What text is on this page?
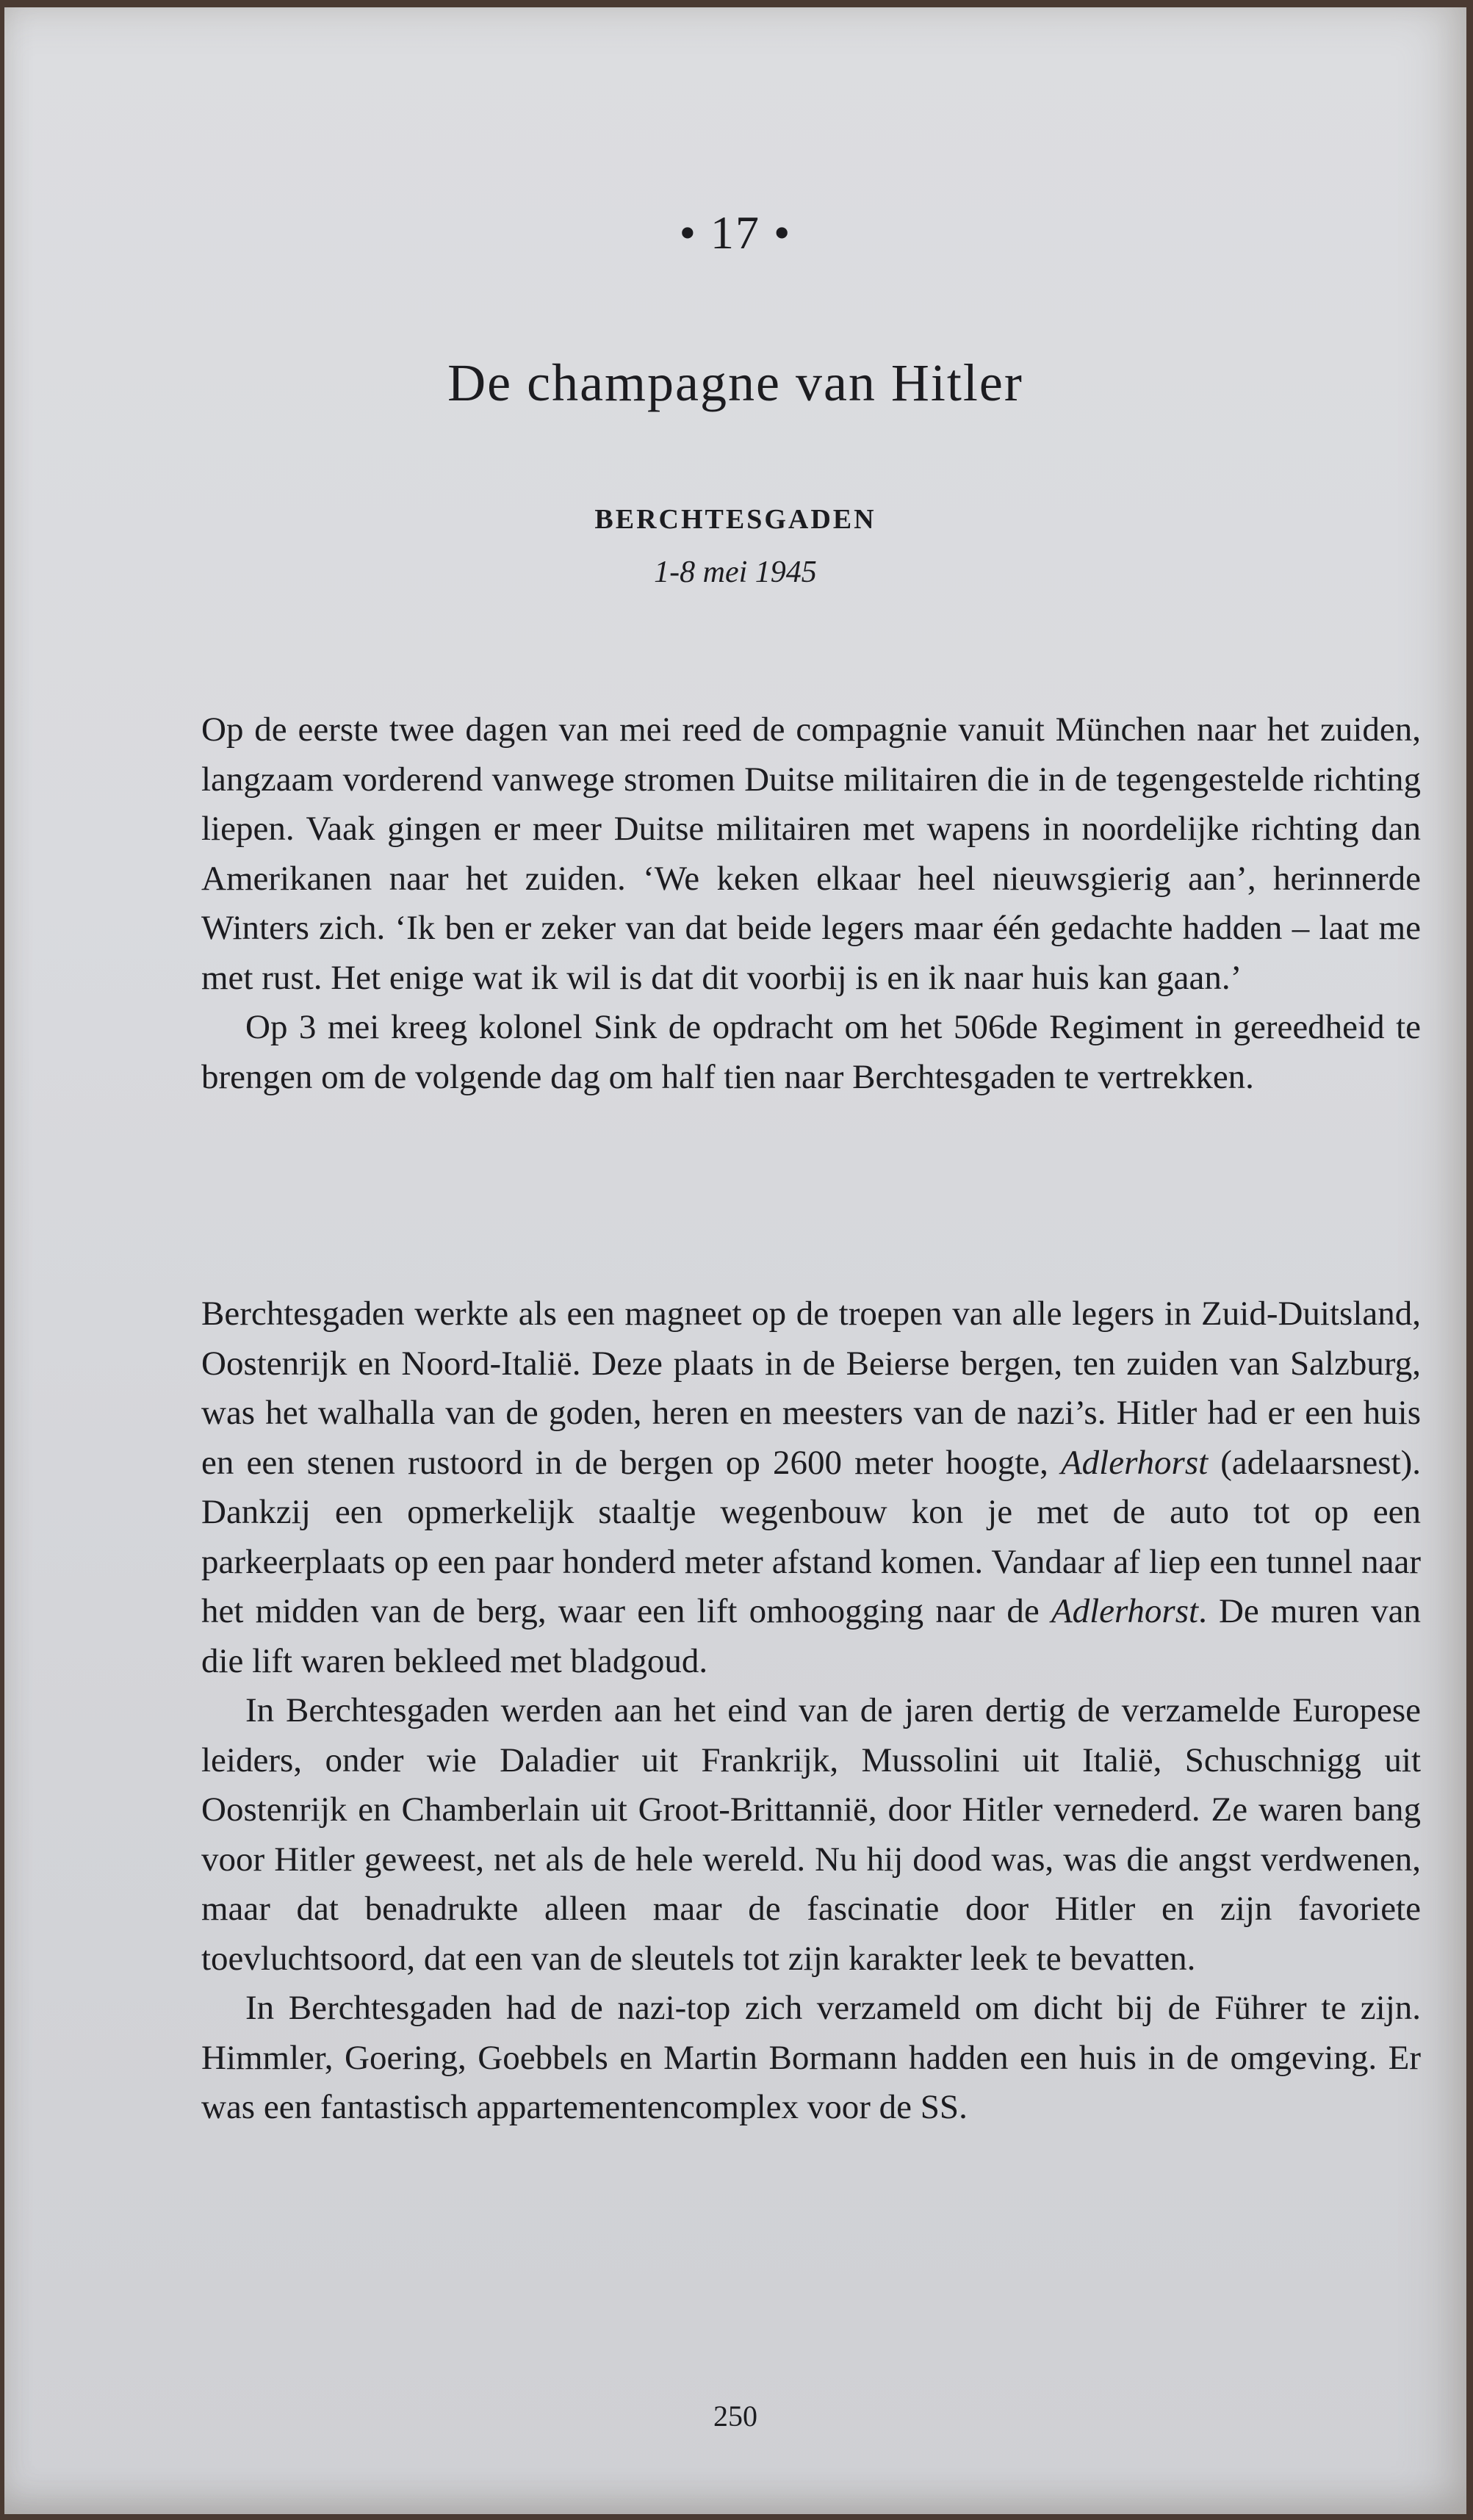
• 17 •
De champagne van Hitler
BERCHTESGADEN
1-8 mei 1945

Op de eerste twee dagen van mei reed de compagnie vanuit München naar het zuiden, langzaam vorderend vanwege stromen Duitse militairen die in de tegengestelde richting liepen. Vaak gingen er meer Duitse militairen met wapens in noordelijke richting dan Amerikanen naar het zuiden. ‘We keken elkaar heel nieuwsgierig aan’, herinnerde Winters zich. ‘Ik ben er zeker van dat beide legers maar één gedachte hadden – laat me met rust. Het enige wat ik wil is dat dit voorbij is en ik naar huis kan gaan.’

Op 3 mei kreeg kolonel Sink de opdracht om het 506de Regiment in gereedheid te brengen om de volgende dag om half tien naar Berchtesgaden te vertrekken.

Berchtesgaden werkte als een magneet op de troepen van alle legers in Zuid-Duitsland, Oostenrijk en Noord-Italië. Deze plaats in de Beierse bergen, ten zuiden van Salzburg, was het walhalla van de goden, heren en meesters van de nazi’s. Hitler had er een huis en een stenen rustoord in de bergen op 2600 meter hoogte, Adlerhorst (adelaarsnest). Dankzij een opmerkelijk staaltje wegenbouw kon je met de auto tot op een parkeerplaats op een paar honderd meter afstand komen. Vandaar af liep een tunnel naar het midden van de berg, waar een lift omhoogging naar de Adlerhorst. De muren van die lift waren bekleed met bladgoud.

In Berchtesgaden werden aan het eind van de jaren dertig de verzamelde Europese leiders, onder wie Daladier uit Frankrijk, Mussolini uit Italië, Schuschnigg uit Oostenrijk en Chamberlain uit Groot-Brittannië, door Hitler vernederd. Ze waren bang voor Hitler geweest, net als de hele wereld. Nu hij dood was, was die angst verdwenen, maar dat benadrukte alleen maar de fascinatie door Hitler en zijn favoriete toevluchtsoord, dat een van de sleutels tot zijn karakter leek te bevatten.

In Berchtesgaden had de nazi-top zich verzameld om dicht bij de Führer te zijn. Himmler, Goering, Goebbels en Martin Bormann hadden een huis in de omgeving. Er was een fantastisch appartementencomplex voor de SS.

250
